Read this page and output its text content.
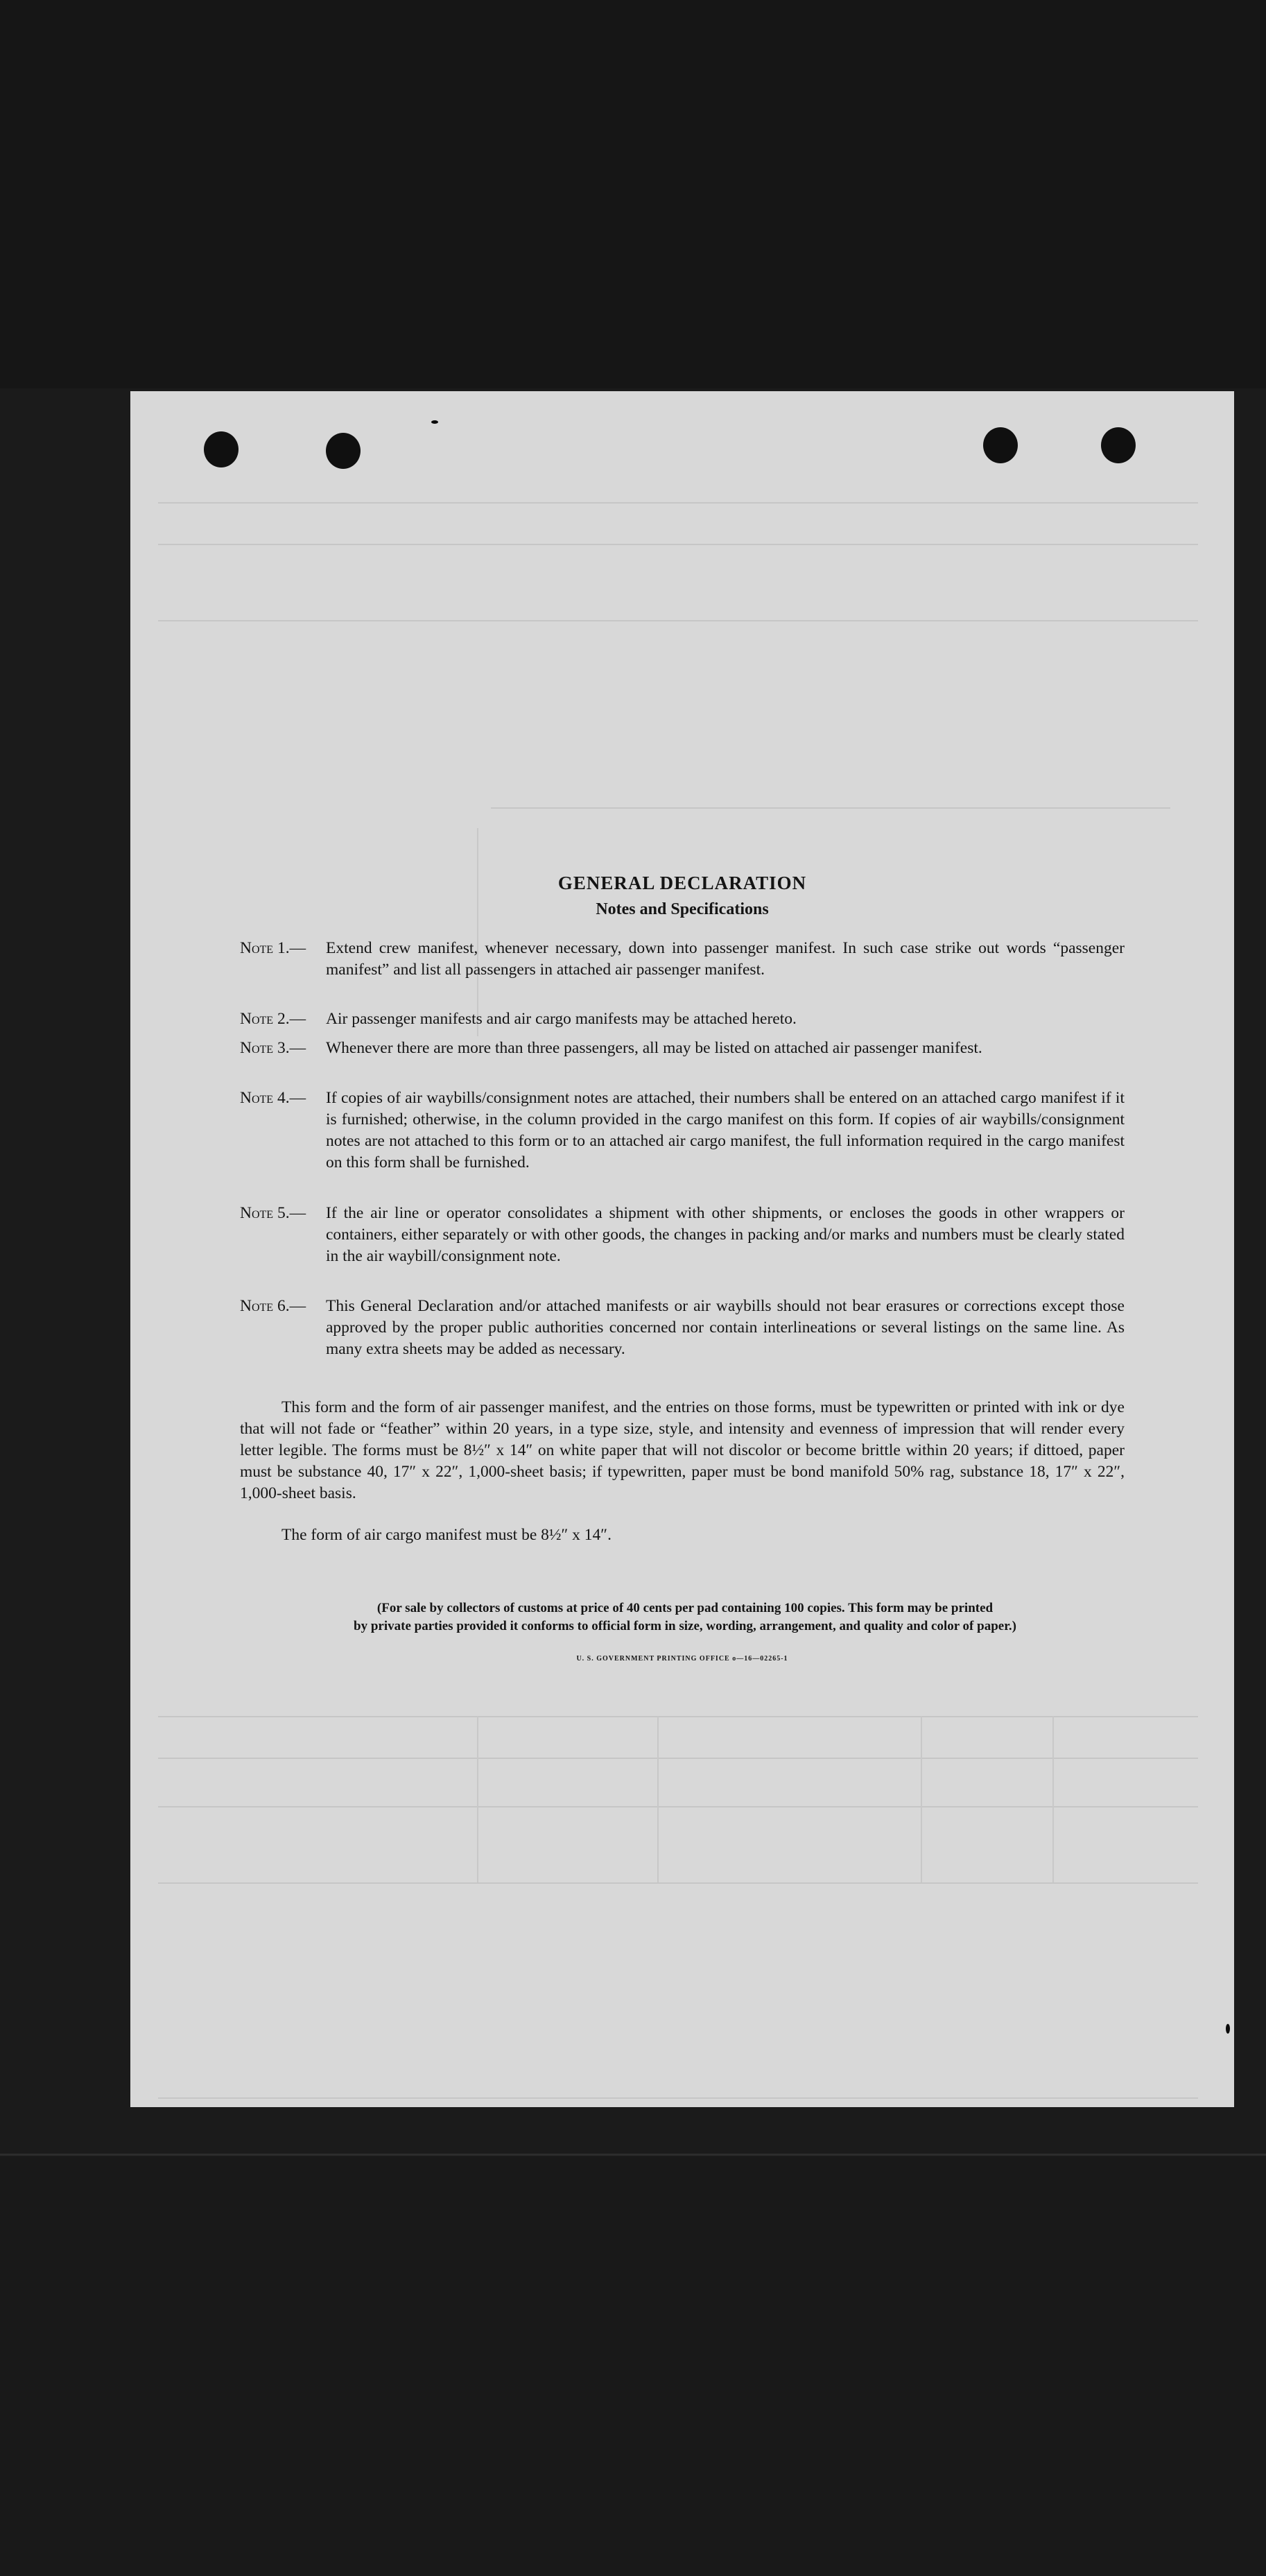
GENERAL DECLARATION
Notes and Specifications
Note 1.— Extend crew manifest, whenever necessary, down into passenger manifest. In such case strike out words “passenger manifest” and list all passengers in attached air passenger manifest.
Note 2.— Air passenger manifests and air cargo manifests may be attached hereto.
Note 3.— Whenever there are more than three passengers, all may be listed on attached air passenger manifest.
Note 4.— If copies of air waybills/consignment notes are attached, their numbers shall be entered on an attached cargo manifest if it is furnished; otherwise, in the column provided in the cargo manifest on this form. If copies of air waybills/consignment notes are not attached to this form or to an attached air cargo manifest, the full information required in the cargo manifest on this form shall be furnished.
Note 5.— If the air line or operator consolidates a shipment with other shipments, or encloses the goods in other wrappers or containers, either separately or with other goods, the changes in packing and/or marks and numbers must be clearly stated in the air waybill/consignment note.
Note 6.— This General Declaration and/or attached manifests or air waybills should not bear erasures or corrections except those approved by the proper public authorities concerned nor contain interlineations or several listings on the same line. As many extra sheets may be added as necessary.
This form and the form of air passenger manifest, and the entries on those forms, must be typewritten or printed with ink or dye that will not fade or “feather” within 20 years, in a type size, style, and intensity and evenness of impression that will render every letter legible. The forms must be 8½″ x 14″ on white paper that will not discolor or become brittle within 20 years; if dittoed, paper must be substance 40, 17″ x 22″, 1,000-sheet basis; if typewritten, paper must be bond manifold 50% rag, substance 18, 17″ x 22″, 1,000-sheet basis.
The form of air cargo manifest must be 8½″ x 14″.
(For sale by collectors of customs at price of 40 cents per pad containing 100 copies. This form may be printed
by private parties provided it conforms to official form in size, wording, arrangement, and quality and color of paper.)
U. S. GOVERNMENT PRINTING OFFICE o—16—02265-1
